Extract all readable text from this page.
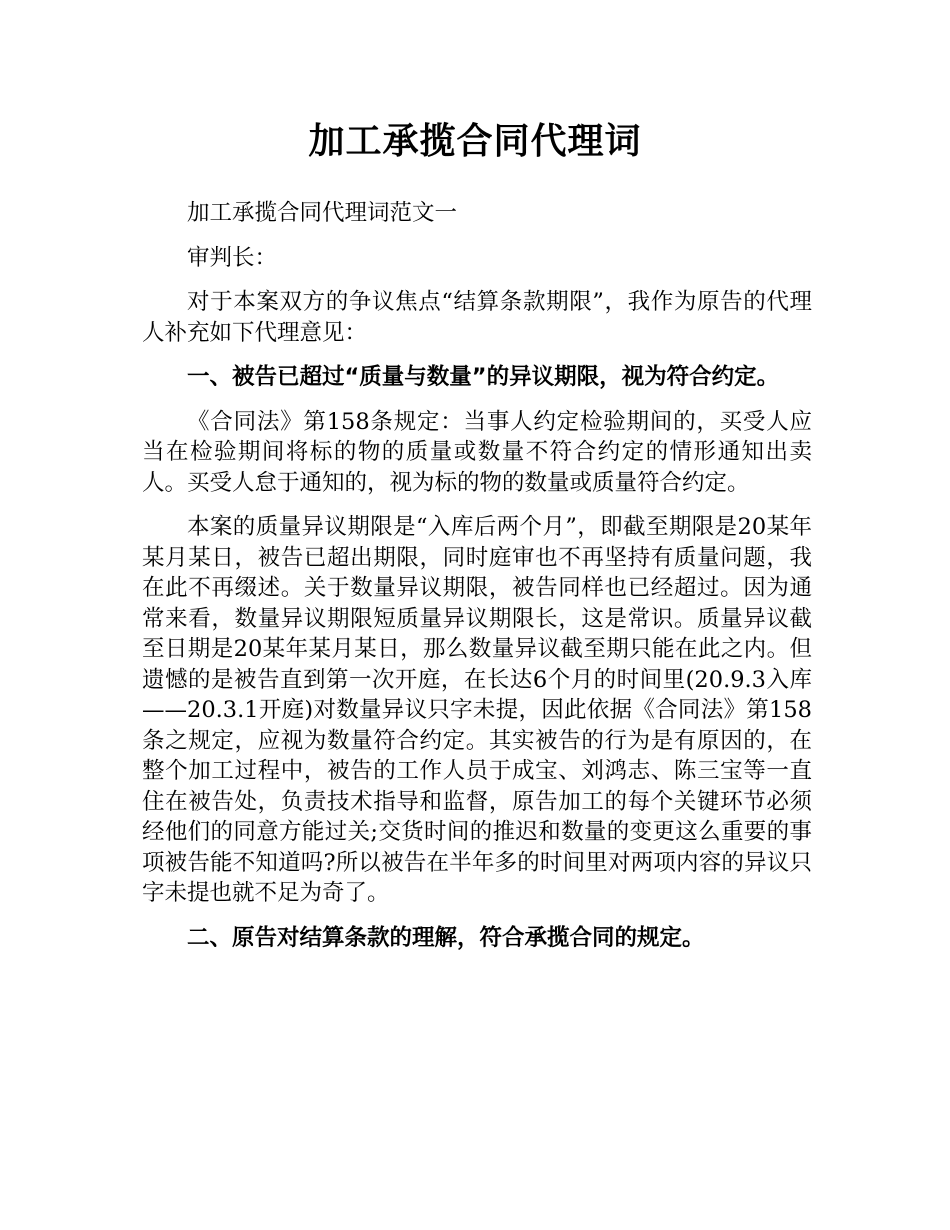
加工承揽合同代理词

加工承揽合同代理词范文一

审判长：

对于本案双方的争议焦点“结算条款期限”，我作为原告的代理人补充如下代理意见：

一、被告已超过“质量与数量”的异议期限，视为符合约定。

《合同法》第158条规定：当事人约定检验期间的，买受人应当在检验期间将标的物的质量或数量不符合约定的情形通知出卖人。买受人怠于通知的，视为标的物的数量或质量符合约定。

本案的质量异议期限是“入库后两个月”，即截至期限是20某年某月某日，被告已超出期限，同时庭审也不再坚持有质量问题，我在此不再缀述。关于数量异议期限，被告同样也已经超过。因为通常来看，数量异议期限短质量异议期限长，这是常识。质量异议截至日期是20某年某月某日，那么数量异议截至期只能在此之内。但遗憾的是被告直到第一次开庭，在长达6个月的时间里(20.9.3入库——20.3.1开庭)对数量异议只字未提，因此依据《合同法》第158条之规定，应视为数量符合约定。其实被告的行为是有原因的，在整个加工过程中，被告的工作人员于成宝、刘鸿志、陈三宝等一直住在被告处，负责技术指导和监督，原告加工的每个关键环节必须经他们的同意方能过关;交货时间的推迟和数量的变更这么重要的事项被告能不知道吗?所以被告在半年多的时间里对两项内容的异议只字未提也就不足为奇了。

二、原告对结算条款的理解，符合承揽合同的规定。
